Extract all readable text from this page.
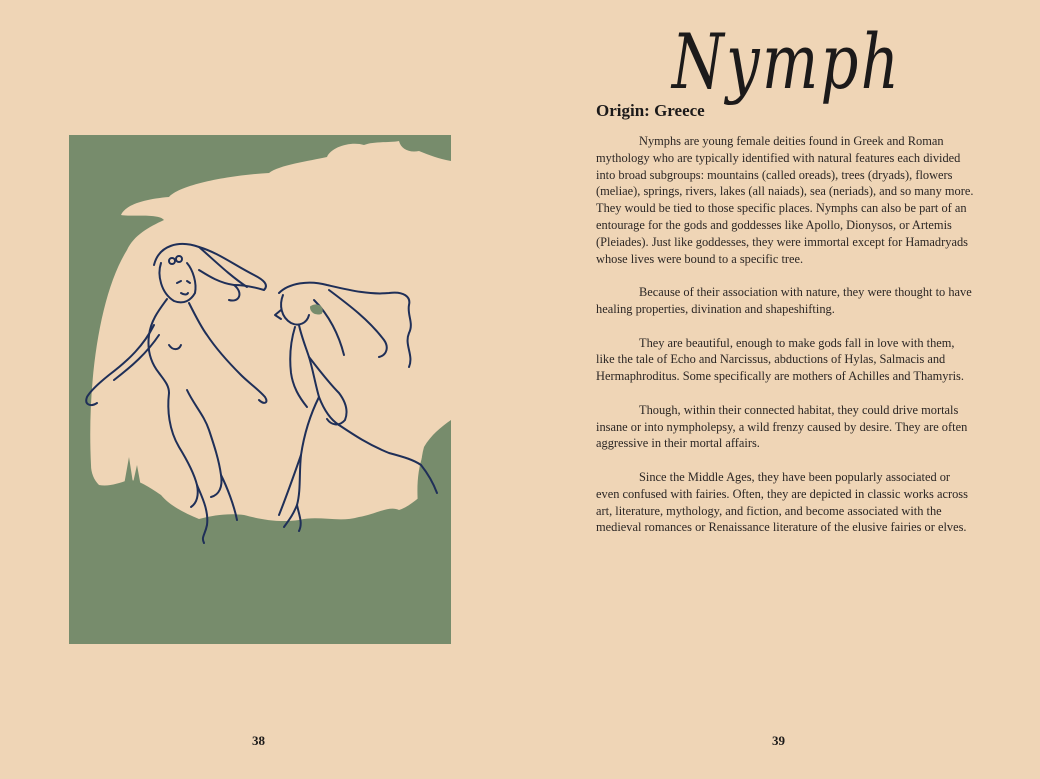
38
Nymph
Origin: Greece

Nymphs are young female deities found in Greek and Roman mythology who are typically identified with natural features each divided into broad subgroups: mountains (called oreads), trees (dryads), flowers (meliae), springs, rivers, lakes (all naiads), sea (neriads), and so many more. They would be tied to those specific places. Nymphs can also be part of an entourage for the gods and goddesses like Apollo, Dionysos, or Artemis (Pleiades). Just like goddesses, they were immortal except for Hamadryads whose lives were bound to a specific tree.

Because of their association with nature, they were thought to have healing properties, divination and shapeshifting.

They are beautiful, enough to make gods fall in love with them, like the tale of Echo and Narcissus, abductions of Hylas, Salmacis and Hermaphroditus. Some specifically are mothers of Achilles and Thamyris.

Though, within their connected habitat, they could drive mortals insane or into nympholepsy, a wild frenzy caused by desire. They are often aggressive in their mortal affairs.

Since the Middle Ages, they have been popularly associated or even confused with fairies. Often, they are depicted in classic works across art, literature, mythology, and fiction, and become associated with the medieval romances or Renaissance literature of the elusive fairies or elves.

39
